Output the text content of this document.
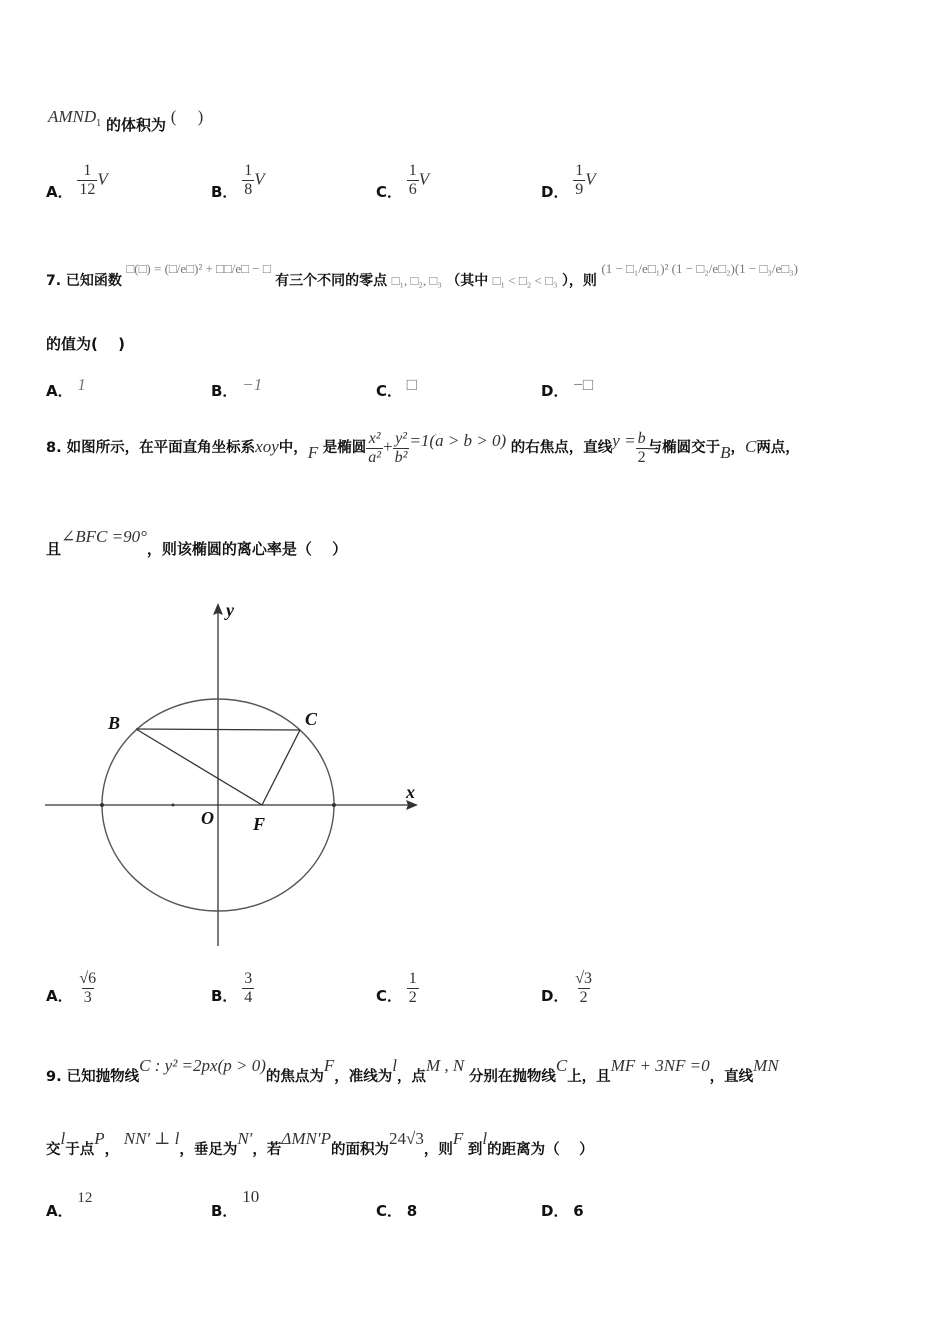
$AMND_1$ 的体积为 (　 )
A． $\frac{1}{12}$ V
B． $\frac{1}{8}$ V
C． $\frac{1}{6}$ V
D． $\frac{1}{9}$ V
7. 已知函数 □(□) = (□/e□)² + □□/e□ − □ 有三个不同的零点 □₁, □₂, □₃ （其中 □₁ < □₂ < □₃ ），则 (1 − □₁/e□₁)² (1 − □₂/e□₂)(1 − □₃/e□₃)
的值为(　 )
A． 1	B． −1	C． □	D． −□
8. 如图所示，在平面直角坐标系xoy中，F 是椭圆 $\frac{\text{x²}}{\text{a²}} + \frac{\text{y²}}{\text{b²}} =1(a > b > 0)$ 的右焦点，直线$y = \frac{b}{2}$ 与椭圆交于B，C两点，
且∠BFC =90°，则该椭圆的离心率是（　 ）
y
x
B	C
O F
A． $\frac{√6}{3}$	B． $\frac{3}{4}$	C． $\frac{1}{2}$	D． $\frac{√3}{2}$
9. 已知抛物线C : y² =2px(p > 0)的焦点为F，准线为l，点M , N 分别在抛物线C上，且MF + 3NF =0，直线MN
交l于点P， NN′ ⊥ l，垂足为N′，若ΔMN′P的面积为24√3，则F 到l的距离为（　 ）
A． 12
B． 10
C． 8	D． 6
